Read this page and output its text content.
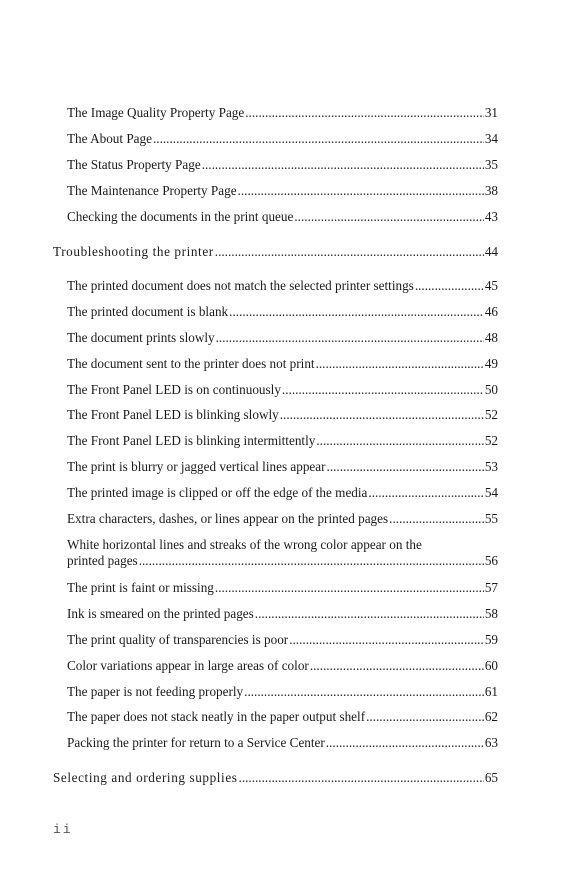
The Image Quality Property Page .....	31
The About Page .....	34
The Status Property Page .....	35
The Maintenance Property Page .....	38
Checking the documents in the print queue .....	43
Troubleshooting the printer .....	44
The printed document does not match the selected printer settings .....	45
The printed document is blank .....	46
The document prints slowly .....	48
The document sent to the printer does not print .....	49
The Front Panel LED is on continuously .....	50
The Front Panel LED is blinking slowly .....	52
The Front Panel LED is blinking intermittently .....	52
The print is blurry or jagged vertical lines appear .....	53
The printed image is clipped or off the edge of the media .....	54
Extra characters, dashes, or lines appear on the printed pages .....	55
White horizontal lines and streaks of the wrong color appear on the
printed pages .....	56
The print is faint or missing .....	57
Ink is smeared on the printed pages .....	58
The print quality of transparencies is poor .....	59
Color variations appear in large areas of color .....	60
The paper is not feeding properly .....	61
The paper does not stack neatly in the paper output shelf .....	62
Packing the printer for return to a Service Center .....	63
Selecting and ordering supplies .....	65
ii
